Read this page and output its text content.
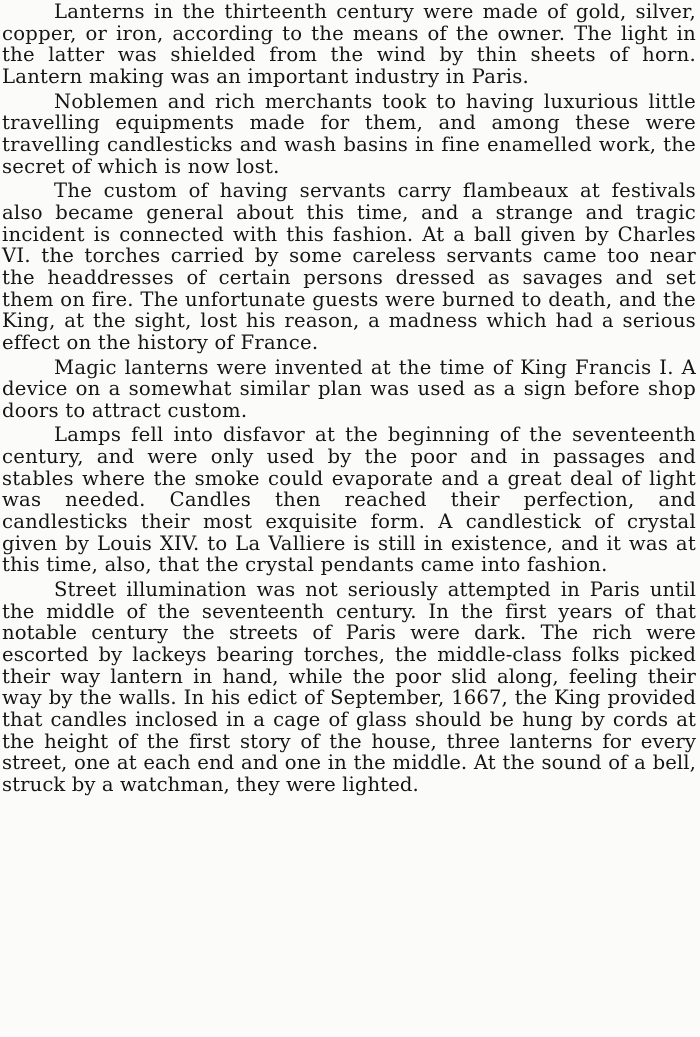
Lanterns in the thirteenth century were made of gold, silver, copper, or iron, according to the means of the owner. The light in the latter was shielded from the wind by thin sheets of horn. Lantern making was an important industry in Paris.

Noblemen and rich merchants took to having luxurious little travelling equipments made for them, and among these were travelling candlesticks and wash basins in fine enamelled work, the secret of which is now lost.

The custom of having servants carry flambeaux at festivals also became general about this time, and a strange and tragic incident is connected with this fashion. At a ball given by Charles VI. the torches carried by some careless servants came too near the headdresses of certain persons dressed as savages and set them on fire. The unfortunate guests were burned to death, and the King, at the sight, lost his reason, a madness which had a serious effect on the history of France.

Magic lanterns were invented at the time of King Francis I. A device on a somewhat similar plan was used as a sign before shop doors to attract custom.

Lamps fell into disfavor at the beginning of the seventeenth century, and were only used by the poor and in passages and stables where the smoke could evaporate and a great deal of light was needed. Candles then reached their perfection, and candlesticks their most exquisite form. A candlestick of crystal given by Louis XIV. to La Valliere is still in existence, and it was at this time, also, that the crystal pendants came into fashion.

Street illumination was not seriously attempted in Paris until the middle of the seventeenth century. In the first years of that notable century the streets of Paris were dark. The rich were escorted by lackeys bearing torches, the middle-class folks picked their way lantern in hand, while the poor slid along, feeling their way by the walls. In his edict of September, 1667, the King provided that candles inclosed in a cage of glass should be hung by cords at the height of the first story of the house, three lanterns for every street, one at each end and one in the middle. At the sound of a bell, struck by a watchman, they were lighted.
